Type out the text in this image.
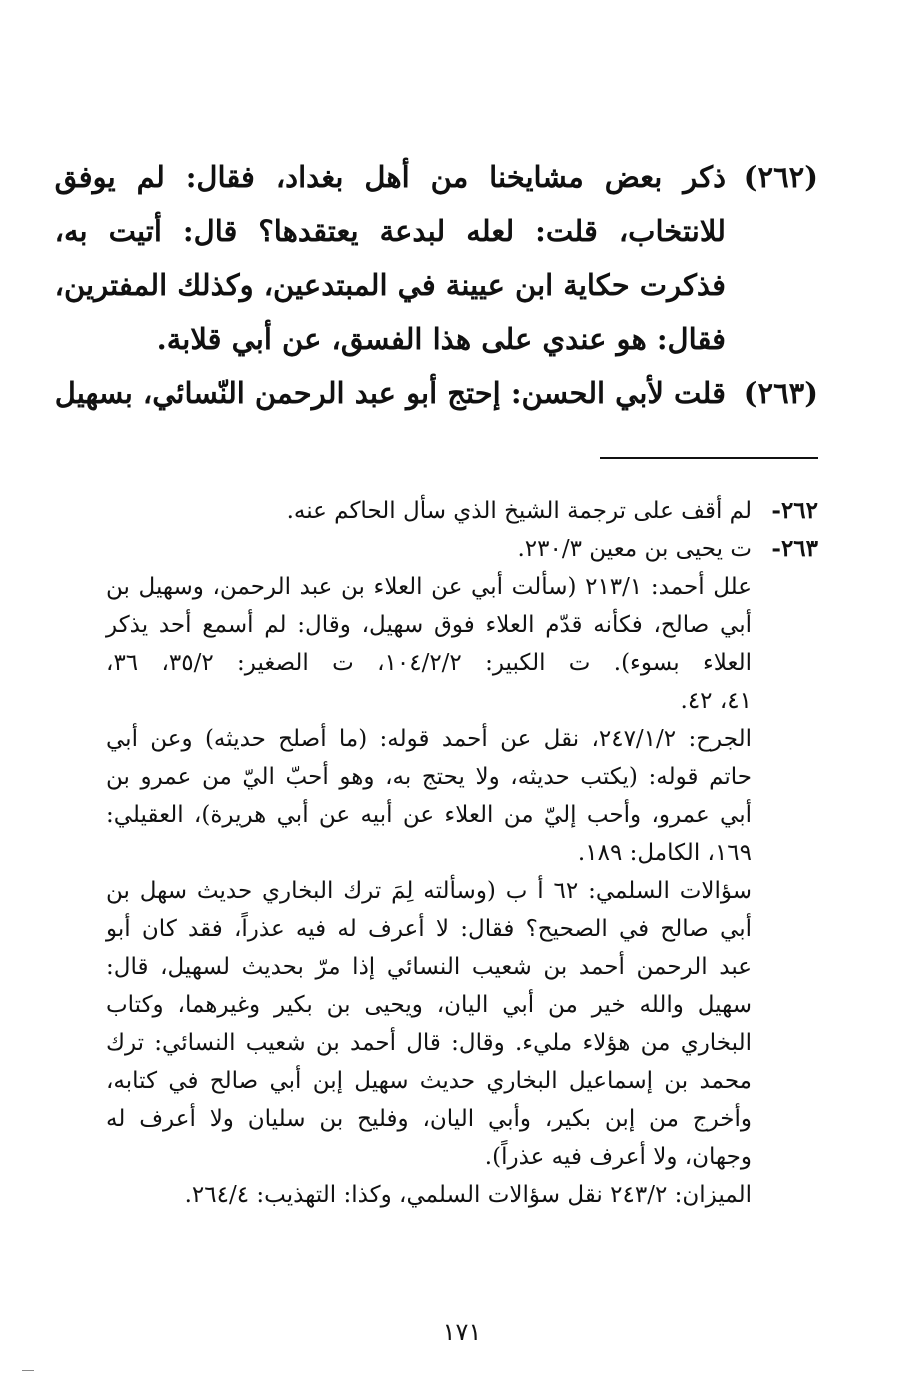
(٢٦٢)
ذكر بعض مشايخنا من أهل بغداد، فقال: لم يوفق
للانتخاب، قلت: لعله لبدعة يعتقدها؟ قال: أتيت به،
فذكرت حكاية ابن عيينة في المبتدعين، وكذلك المفترين،
فقال: هو عندي على هذا الفسق، عن أبي قلابة.
(٢٦٣)
قلت لأبي الحسن: إحتج أبو عبد الرحمن النّسائي، بسهيل
٢٦٢-
لم أقف على ترجمة الشيخ الذي سأل الحاكم عنه.
٢٦٣-
ت يحيى بن معين ٢٣٠/٣.
علل أحمد: ٢١٣/١ (سألت أبي عن العلاء بن عبد الرحمن، وسهيل بن
أبي صالح، فكأنه قدّم العلاء فوق سهيل، وقال: لم أسمع أحد يذكر
العلاء بسوء). ت الكبير: ١٠٤/٢/٢، ت الصغير: ٣٥/٢، ٣٦،
٤١، ٤٢.
الجرح: ٢٤٧/١/٢، نقل عن أحمد قوله: (ما أصلح حديثه) وعن أبي
حاتم قوله: (يكتب حديثه، ولا يحتج به، وهو أحبّ اليّ من عمرو بن
أبي عمرو، وأحب إليّ من العلاء عن أبيه عن أبي هريرة)، العقيلي:
١٦٩، الكامل: ١٨٩.
سؤالات السلمي: ٦٢ أ ب (وسألته لِمَ ترك البخاري حديث سهل بن
أبي صالح في الصحيح؟ فقال: لا أعرف له فيه عذراً، فقد كان أبو
عبد الرحمن أحمد بن شعيب النسائي إذا مرّ بحديث لسهيل، قال:
سهيل والله خير من أبي اليان، ويحيى بن بكير وغيرهما، وكتاب
البخاري من هؤلاء مليء. وقال: قال أحمد بن شعيب النسائي: ترك
محمد بن إسماعيل البخاري حديث سهيل إبن أبي صالح في كتابه،
وأخرج من إبن بكير، وأبي اليان، وفليح بن سليان ولا أعرف له
وجهان، ولا أعرف فيه عذراً).
الميزان: ٢٤٣/٢ نقل سؤالات السلمي، وكذا: التهذيب: ٢٦٤/٤.
١٧١
